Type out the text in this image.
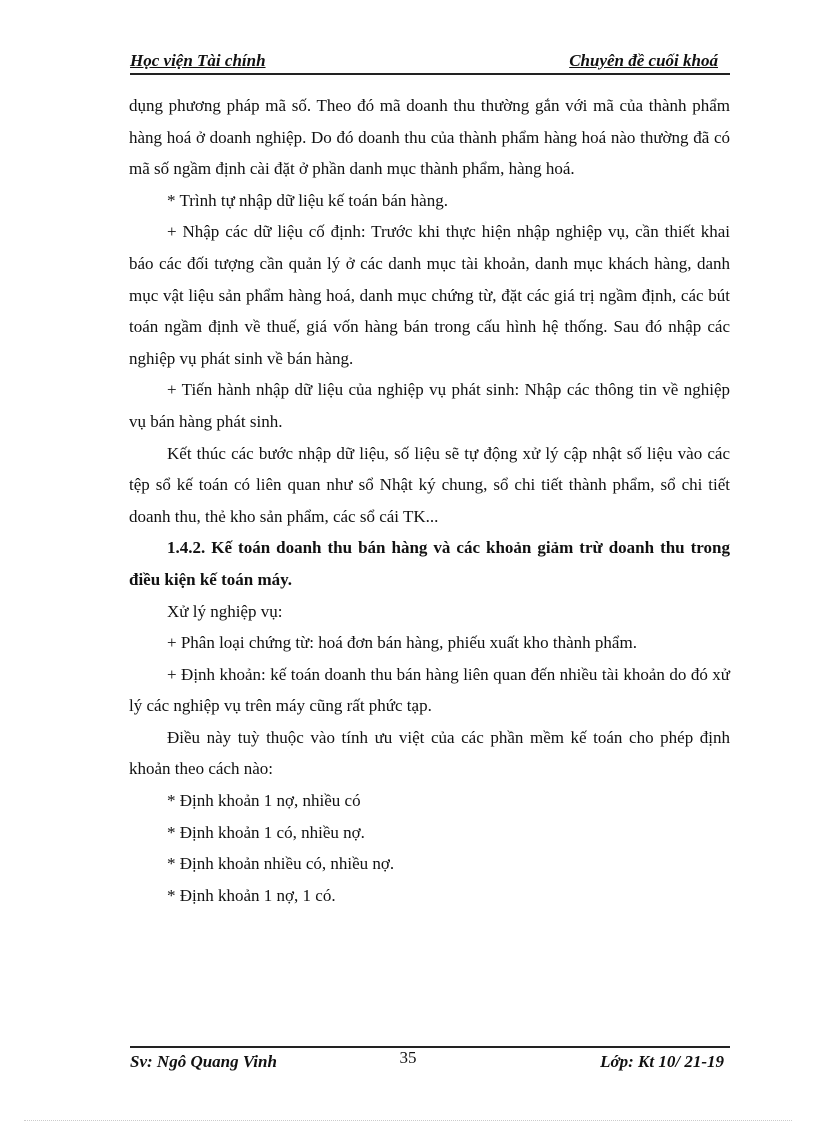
Học viện Tài chính	Chuyên đề cuối khoá

dụng phương pháp mã số. Theo đó mã doanh thu thường gắn với mã của thành phẩm hàng hoá ở doanh nghiệp. Do đó doanh thu của thành phẩm hàng hoá nào thường đã có mã số ngầm định cài đặt ở phần danh mục thành phẩm, hàng hoá.

* Trình tự nhập dữ liệu kế toán bán hàng.

+ Nhập các dữ liệu cố định: Trước khi thực hiện nhập nghiệp vụ, cần thiết khai báo các đối tượng cần quản lý ở các danh mục tài khoản, danh mục khách hàng, danh mục vật liệu sản phẩm hàng hoá, danh mục chứng từ, đặt các giá trị ngầm định, các bút toán ngầm định về thuế, giá vốn hàng bán trong cấu hình hệ thống. Sau đó nhập các nghiệp vụ phát sinh về bán hàng.

+ Tiến hành nhập dữ liệu của nghiệp vụ phát sinh: Nhập các thông tin về nghiệp vụ bán hàng phát sinh.

Kết thúc các bước nhập dữ liệu, số liệu sẽ tự động xử lý cập nhật số liệu vào các tệp sổ kế toán có liên quan như sổ Nhật ký chung, sổ chi tiết thành phẩm, sổ chi tiết doanh thu, thẻ kho sản phẩm, các sổ cái TK...

1.4.2. Kế toán doanh thu bán hàng và các khoản giảm trừ doanh thu trong điều kiện kế toán máy.

Xử lý nghiệp vụ:

+ Phân loại chứng từ: hoá đơn bán hàng, phiếu xuất kho thành phẩm.

+ Định khoản: kế toán doanh thu bán hàng liên quan đến nhiều tài khoản do đó xử lý các nghiệp vụ trên máy cũng rất phức tạp.

Điều này tuỳ thuộc vào tính ưu việt của các phần mềm kế toán cho phép định khoản theo cách nào:

* Định khoản 1 nợ, nhiều có

* Định khoản 1 có, nhiều nợ.

* Định khoản nhiều có, nhiều nợ.

* Định khoản 1 nợ, 1 có.

35
Sv: Ngô Quang Vinh	Lớp: Kt 10/ 21-19
